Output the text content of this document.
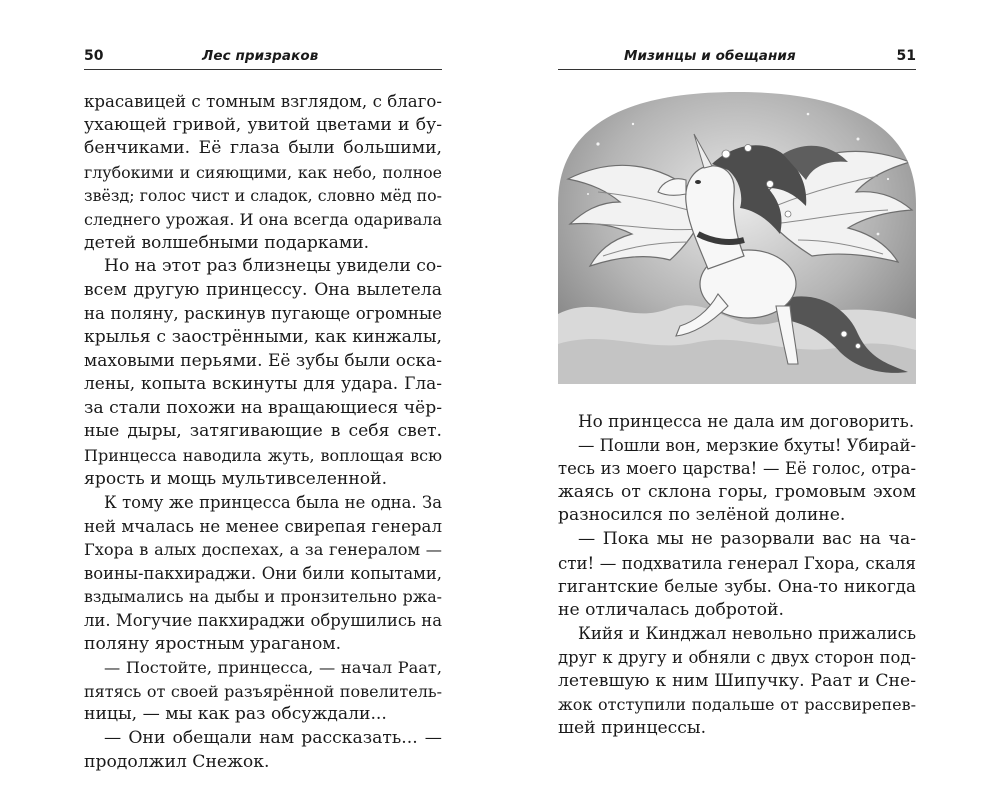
50	Лес призраков
красавицей с томным взглядом, с благо-
ухающей гривой, увитой цветами и бу-
бенчиками. Её глаза были большими,
глубокими и сияющими, как небо, полное
звёзд; голос чист и сладок, словно мёд по-
следнего урожая. И она всегда одаривала
детей волшебными подарками.
Но на этот раз близнецы увидели со-
всем другую принцессу. Она вылетела
на поляну, раскинув пугающе огромные
крылья с заострёнными, как кинжалы,
маховыми перьями. Её зубы были оска-
лены, копыта вскинуты для удара. Гла-
за стали похожи на вращающиеся чёр-
ные дыры, затягивающие в себя свет.
Принцесса наводила жуть, воплощая всю
ярость и мощь мультивселенной.
К тому же принцесса была не одна. За
ней мчалась не менее свирепая генерал
Гхора в алых доспехах, а за генералом —
воины-пакхираджи. Они били копытами,
вздымались на дыбы и пронзительно ржа-
ли. Могучие пакхираджи обрушились на
поляну яростным ураганом.
— Постойте, принцесса, — начал Раат,
пятясь от своей разъярённой повелитель-
ницы, — мы как раз обсуждали...
— Они обещали нам рассказать... —
продолжил Снежок.
Мизинцы и обещания	51
Но принцесса не дала им договорить.
— Пошли вон, мерзкие бхуты! Убирай-
тесь из моего царства! — Её голос, отра-
жаясь от склона горы, громовым эхом
разносился по зелёной долине.
— Пока мы не разорвали вас на ча-
сти! — подхватила генерал Гхора, скаля
гигантские белые зубы. Она-то никогда
не отличалась добротой.
Кийя и Кинджал невольно прижались
друг к другу и обняли с двух сторон под-
летевшую к ним Шипучку. Раат и Сне-
жок отступили подальше от рассвирепев-
шей принцессы.
